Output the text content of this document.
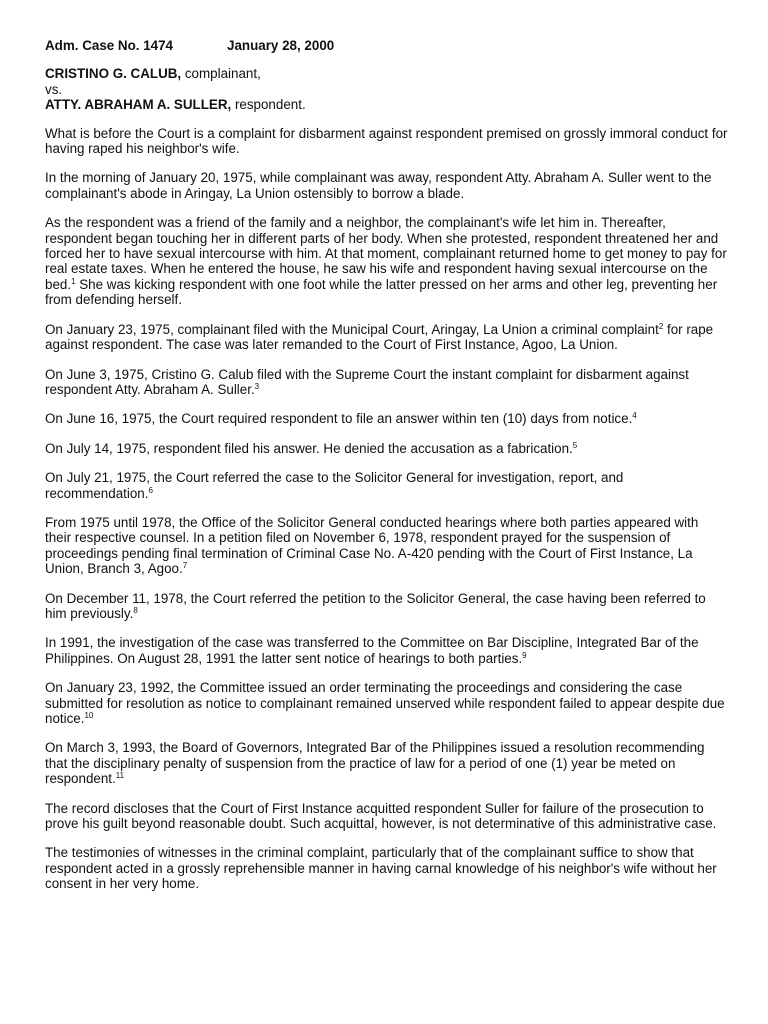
Adm. Case No. 1474	January 28, 2000
CRISTINO G. CALUB, complainant,
vs.
ATTY. ABRAHAM A. SULLER, respondent.

What is before the Court is a complaint for disbarment against respondent premised on grossly immoral conduct for having raped his neighbor's wife.

In the morning of January 20, 1975, while complainant was away, respondent Atty. Abraham A. Suller went to the complainant's abode in Aringay, La Union ostensibly to borrow a blade.

As the respondent was a friend of the family and a neighbor, the complainant's wife let him in. Thereafter, respondent began touching her in different parts of her body. When she protested, respondent threatened her and forced her to have sexual intercourse with him. At that moment, complainant returned home to get money to pay for real estate taxes. When he entered the house, he saw his wife and respondent having sexual intercourse on the bed.$^1$ She was kicking respondent with one foot while the latter pressed on her arms and other leg, preventing her from defending herself.

On January 23, 1975, complainant filed with the Municipal Court, Aringay, La Union a criminal complaint$^2$ for rape against respondent. The case was later remanded to the Court of First Instance, Agoo, La Union.

On June 3, 1975, Cristino G. Calub filed with the Supreme Court the instant complaint for disbarment against respondent Atty. Abraham A. Suller.$^3$

On June 16, 1975, the Court required respondent to file an answer within ten (10) days from notice.$^4$

On July 14, 1975, respondent filed his answer. He denied the accusation as a fabrication.$^5$

On July 21, 1975, the Court referred the case to the Solicitor General for investigation, report, and recommendation.$^6$

From 1975 until 1978, the Office of the Solicitor General conducted hearings where both parties appeared with their respective counsel. In a petition filed on November 6, 1978, respondent prayed for the suspension of proceedings pending final termination of Criminal Case No. A-420 pending with the Court of First Instance, La Union, Branch 3, Agoo.$^7$

On December 11, 1978, the Court referred the petition to the Solicitor General, the case having been referred to him previously.$^8$

In 1991, the investigation of the case was transferred to the Committee on Bar Discipline, Integrated Bar of the Philippines. On August 28, 1991 the latter sent notice of hearings to both parties.$^9$

On January 23, 1992, the Committee issued an order terminating the proceedings and considering the case submitted for resolution as notice to complainant remained unserved while respondent failed to appear despite due notice.$^{10}$

On March 3, 1993, the Board of Governors, Integrated Bar of the Philippines issued a resolution recommending that the disciplinary penalty of suspension from the practice of law for a period of one (1) year be meted on respondent.$^{11}$

The record discloses that the Court of First Instance acquitted respondent Suller for failure of the prosecution to prove his guilt beyond reasonable doubt. Such acquittal, however, is not determinative of this administrative case.

The testimonies of witnesses in the criminal complaint, particularly that of the complainant suffice to show that respondent acted in a grossly reprehensible manner in having carnal knowledge of his neighbor's wife without her consent in her very home.
